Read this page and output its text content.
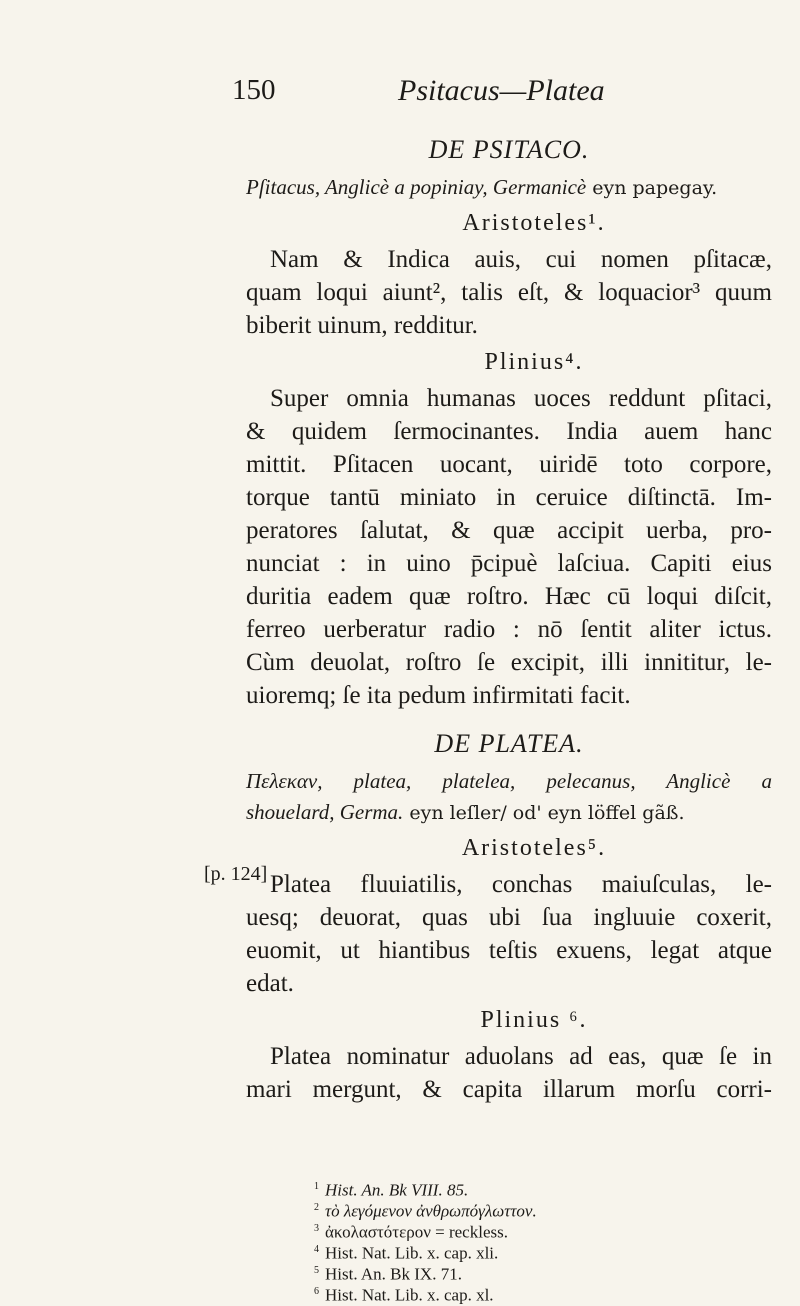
150	Psitacus—Platea
DE PSITACO.
Pſitacus, Anglicè a popiniay, Germanicè eyn papegay.
Aristoteles¹.
Nam & Indica auis, cui nomen pſitacæ,
quam loqui aiunt², talis eſt, & loquacior³ quum
biberit uinum, redditur.
Plinius⁴.
Super omnia humanas uoces reddunt pſitaci,
& quidem ſermocinantes. India auem hanc
mittit. Pſitacen uocant, uiridē toto corpore,
torque tantū miniato in ceruice diſtinctā. Im-
peratores ſalutat, & quæ accipit uerba, pro-
nunciat : in uino p̄cipuè laſciua. Capiti eius
duritia eadem quæ roſtro. Hæc cū loqui diſcit,
ferreo uerberatur radio : nō ſentit aliter ictus.
Cùm deuolat, roſtro ſe excipit, illi innititur, le-
uioremq; ſe ita pedum infirmitati facit.
DE PLATEA.
Πελεκαν, platea, platelea, pelecanus, Anglicè a
shouelard, Germa. eyn leſler/ od' eyn löffel gãß.
Aristoteles⁵.
Platea fluuiatilis, conchas maiuſculas, le-
uesq; deuorat, quas ubi ſua ingluuie coxerit,
euomit, ut hiantibus teſtis exuens, legat atque
edat.
Plinius ⁶.
Platea nominatur aduolans ad eas, quæ ſe in
mari mergunt, & capita illarum morſu corri-
[p. 124]
$^1$ Hist. An. Bk VIII. 85.
$^2$ τὸ λεγόμενον ἀνθρωπόγλωττον.
$^3$ ἀκολαστότερον = reckless.
$^4$ Hist. Nat. Lib. x. cap. xli.
$^5$ Hist. An. Bk IX. 71.
$^6$ Hist. Nat. Lib. x. cap. xl.
